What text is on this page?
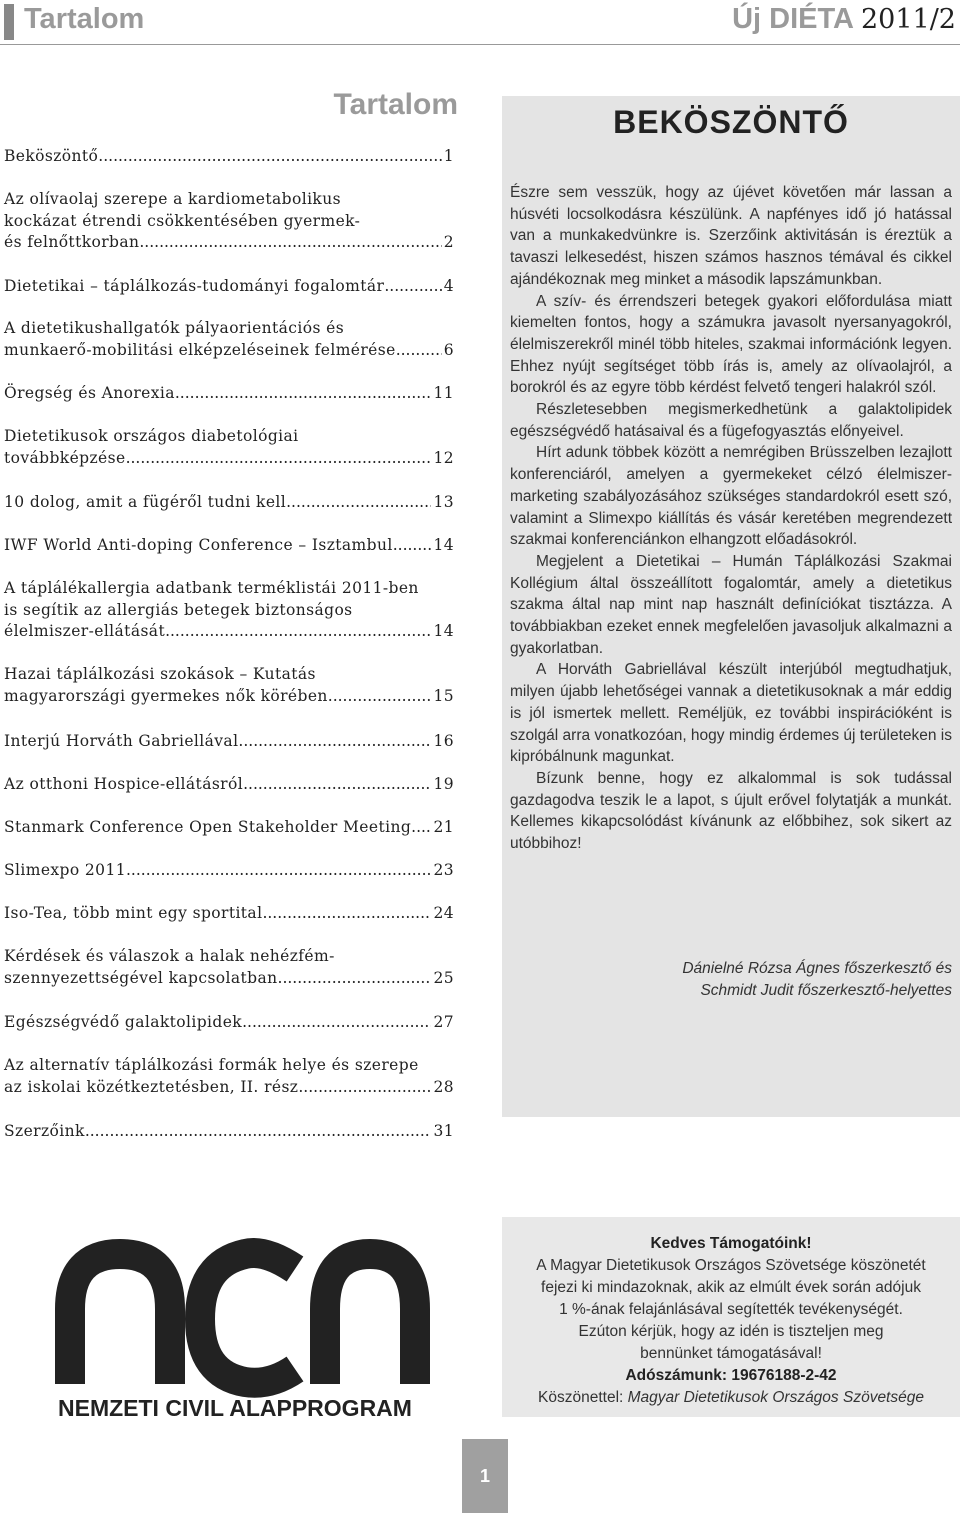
Tartalom	Új DIÉTA 2011/2
Tartalom
Beköszöntő .....	1
Az olívaolaj szerepe a kardiometabolikus
kockázat étrendi csökkentésében gyermek-
és felnőttkorban .....	2
Dietetikai – táplálkozás-tudományi fogalomtár .....	4
A dietetikushallgatók pályaorientációs és
munkaerő-mobilitási elképzeléseinek felmérése .....	6
Öregség és Anorexia .....	11
Dietetikusok országos diabetológiai
továbbképzése .....	12
10 dolog, amit a fügéről tudni kell .....	13
IWF World Anti-doping Conference – Isztambul .....	14
A táplálékallergia adatbank terméklistái 2011-ben
is segítik az allergiás betegek biztonságos
élelmiszer-ellátását .....	14
Hazai táplálkozási szokások – Kutatás
magyarországi gyermekes nők körében .....	15
Interjú Horváth Gabriellával .....	16
Az otthoni Hospice-ellátásról .....	19
Stanmark Conference Open Stakeholder Meeting ..... 21
Slimexpo 2011 .....	23
Iso-Tea, több mint egy sportital .....	24
Kérdések és válaszok a halak nehézfém-
szennyezettségével kapcsolatban .....	25
Egészségvédő galaktolipidek .....	27
Az alternatív táplálkozási formák helye és szerepe
az iskolai közétkeztetésben, II. rész .....	28
Szerzőink .....	31
BEKÖSZÖNTŐ

Észre sem vesszük, hogy az újévet követően már lassan a húsvéti locsolkodásra készülünk. A napfényes idő jó hatással van a munkakedvünkre is. Szerzőink aktivitásán is éreztük a tavaszi lelkesedést, hiszen számos hasznos témával és cikkel ajándékoznak meg minket a második lapszámunkban.

A szív- és érrendszeri betegek gyakori előfordulása miatt kiemelten fontos, hogy a számukra javasolt nyersanyagokról, élelmiszerekről minél több hiteles, szakmai információnk legyen. Ehhez nyújt segítséget több írás is, amely az olívaolajról, a borokról és az egyre több kérdést felvető tengeri halakról szól.

Részletesebben megismerkedhetünk a galaktolipidek egészségvédő hatásaival és a fügefogyasztás előnyeivel.

Hírt adunk többek között a nemrégiben Brüsszelben lezajlott konferenciáról, amelyen a gyermekeket célzó élelmiszer-marketing szabályozásához szükséges standardokról esett szó, valamint a Slimexpo kiállítás és vásár keretében megrendezett szakmai konferenciánkon elhangzott előadásokról.

Megjelent a Dietetikai – Humán Táplálkozási Szakmai Kollégium által összeállított fogalomtár, amely a dietetikus szakma által nap mint nap használt definíciókat tisztázza. A továbbiakban ezeket ennek megfelelően javasoljuk alkalmazni a gyakorlatban.

A Horváth Gabriellával készült interjúból megtudhatjuk, milyen újabb lehetőségei vannak a dietetikusoknak a már eddig is jól ismertek mellett. Reméljük, ez további inspirációként is szolgál arra vonatkozóan, hogy mindig érdemes új területeken is kipróbálnunk magunkat.

Bízunk benne, hogy ez alkalommal is sok tudással gazdagodva teszik le a lapot, s újult erővel folytatják a munkát. Kellemes kikapcsolódást kívánunk az előbbihez, sok sikert az utóbbihoz!

Dánielné Rózsa Ágnes főszerkesztő és
Schmidt Judit főszerkesztő-helyettes
NEMZETI CIVIL ALAPPROGRAM
Kedves Támogatóink!
A Magyar Dietetikusok Országos Szövetsége köszönetét
fejezi ki mindazoknak, akik az elmúlt évek során adójuk
1 %-ának felajánlásával segítették tevékenységét.
Ezúton kérjük, hogy az idén is tiszteljen meg
bennünket támogatásával!
Adószámunk: 19676188-2-42
Köszönettel: Magyar Dietetikusok Országos Szövetsége
1
